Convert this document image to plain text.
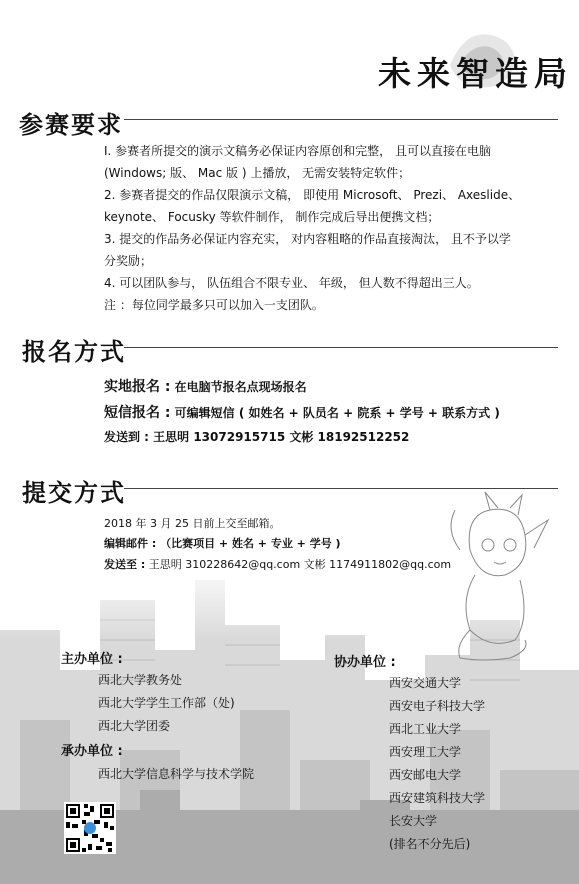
未来智造局
参赛要求
I. 参赛者所提交的演示文稿务必保证内容原创和完整， 且可以直接在电脑
(Windows; 版、 Mac 版 ) 上播放， 无需安装特定软件；
2. 参赛者提交的作品仅限演示文稿， 即使用 Microsoft、 Prezi、 Axeslide、
keynote、 Focusky 等软件制作， 制作完成后导出便携文档；
3. 提交的作品务必保证内容充实， 对内容粗略的作品直接淘汰， 且不予以学
分奖励；
4. 可以团队参与， 队伍组合不限专业、 年级， 但人数不得超出三人。
注 ：每位同学最多只可以加入一支团队。
报名方式
实地报名 : 在电脑节报名点现场报名
短信报名 : 可编辑短信 ( 如姓名 + 队员名 + 院系 + 学号 + 联系方式 )
发送到 : 王思明 13072915715 文彬 18192512252
提交方式
2018 年 3 月 25 日前上交至邮箱。
编辑邮件 : （比赛项目 + 姓名 + 专业 + 学号 )
发送至 : 王思明 310228642@qq.com 文彬 1174911802@qq.com
主办单位 :
西北大学教务处
西北大学学生工作部（处)
西北大学团委
承办单位 :
西北大学信息科学与技术学院
协办单位 :
西安交通大学
西安电子科技大学
西北工业大学
西安理工大学
西安邮电大学
西安建筑科技大学
长安大学
(排名不分先后)
